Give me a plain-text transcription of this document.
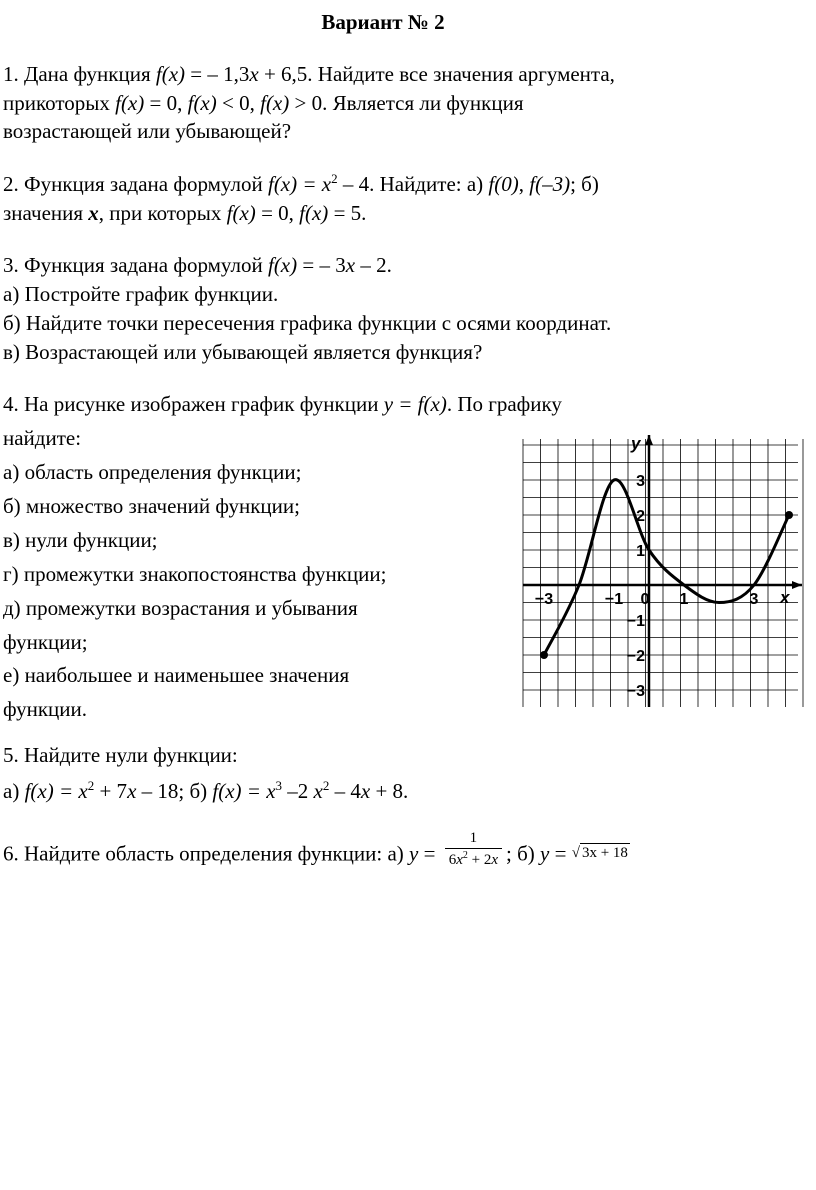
Вариант № 2
1. Дана функция f(x) = – 1,3x + 6,5. Найдите все значения аргумента,
прикоторых f(x) = 0, f(x) < 0, f(x) > 0. Является ли функция
возрастающей или убывающей?
2. Функция задана формулой $f(x) = x^2 - 4$. Найдите: а) f(0), f(–3); б)
значения x, при которых f(x) = 0, f(x) = 5.
3. Функция задана формулой f(x) = – 3x – 2.
а) Постройте график функции.
б) Найдите точки пересечения графика функции с осями координат.
в) Возрастающей или убывающей является функция?
4. На рисунке изображен график функции y = f(x). По графику
найдите:
а) область определения функции;
б) множество значений функции;
в) нули функции;
г) промежутки знакопостоянства функции;
д) промежутки возрастания и убывания
функции;
е) наибольшее и наименьшее значения
функции.
y
x
−3	−1 0 1	3
3
2
1
−1
−2
−3
5. Найдите нули функции:
а) $f(x) = x^2 + 7x - 18$; б) $f(x) = x^3$ –2 $x^2 - 4x + 8$.
6. Найдите область определения функции: а) $y = \frac{1}{6x^2 + 2x}$ ; б) y = √ 3x + 18
